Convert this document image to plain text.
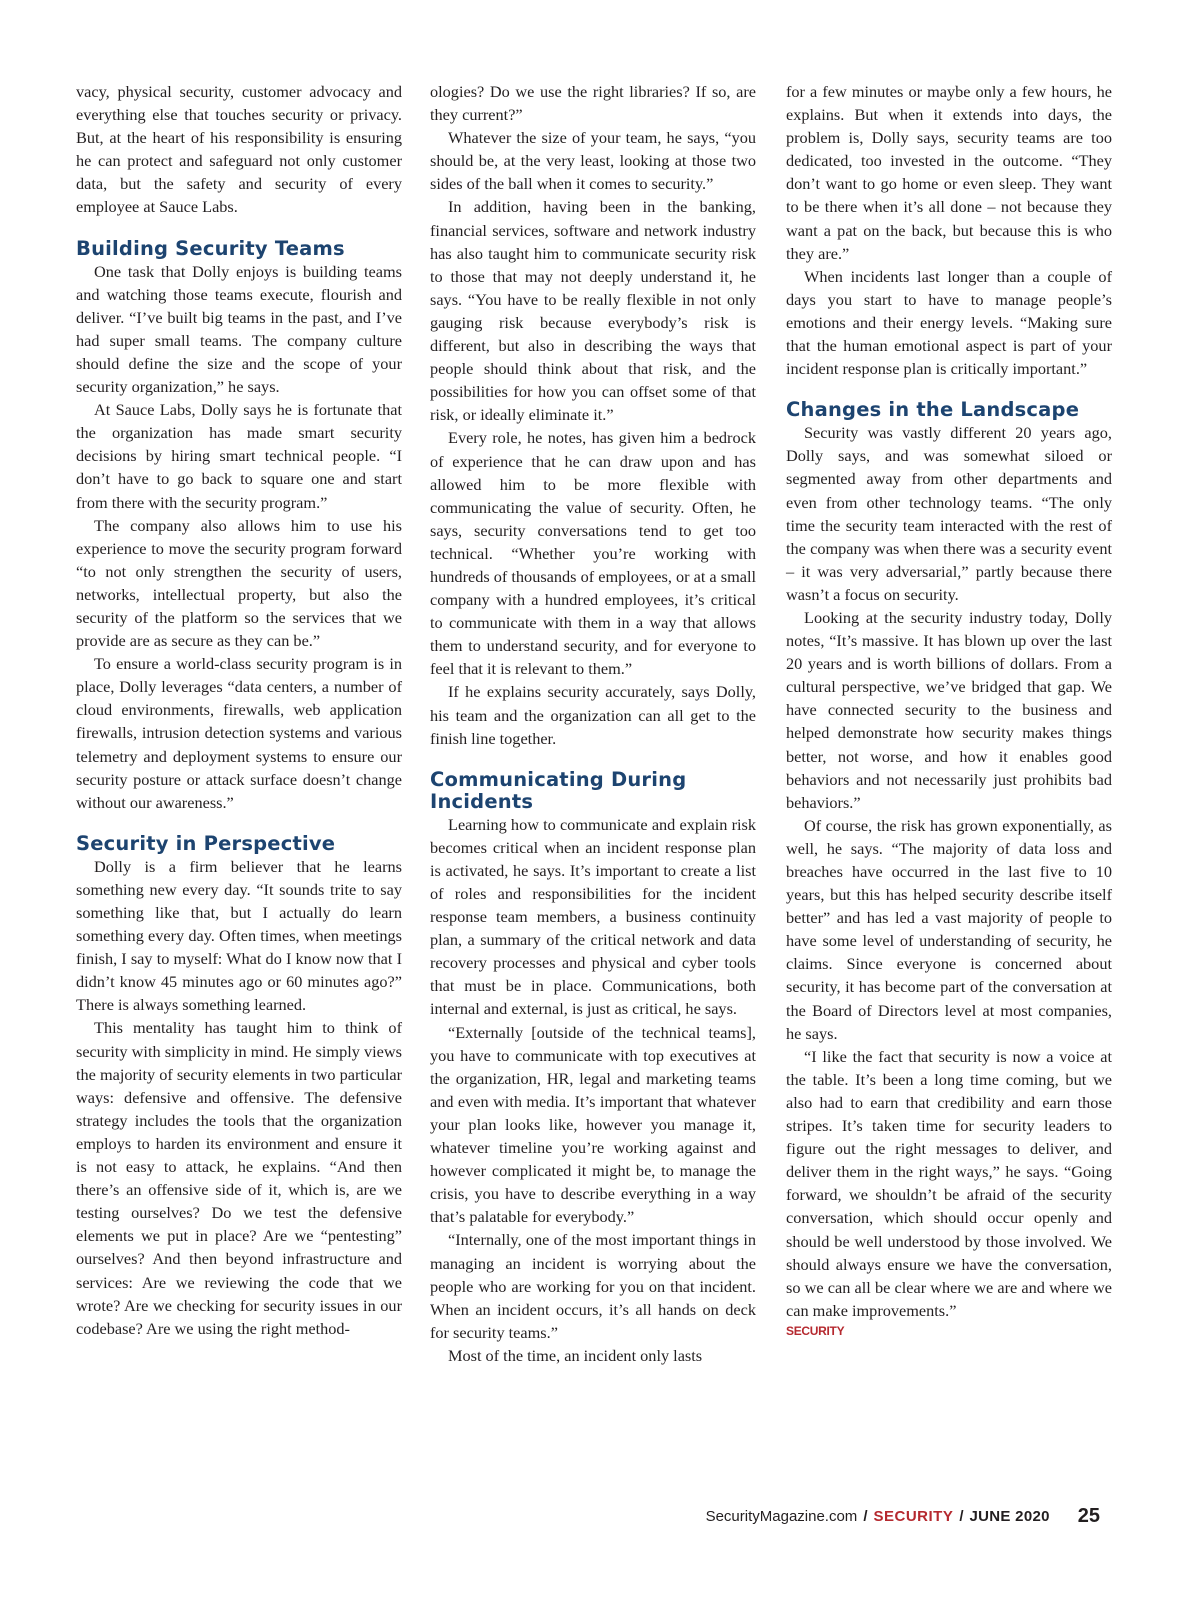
vacy, physical security, customer advocacy and everything else that touches security or privacy. But, at the heart of his responsibility is ensuring he can protect and safeguard not only customer data, but the safety and security of every employee at Sauce Labs.

Building Security Teams

One task that Dolly enjoys is building teams and watching those teams execute, flourish and deliver. “I’ve built big teams in the past, and I’ve had super small teams. The company culture should define the size and the scope of your security organization,” he says.

At Sauce Labs, Dolly says he is fortunate that the organization has made smart security decisions by hiring smart technical people. “I don’t have to go back to square one and start from there with the security program.”

The company also allows him to use his experience to move the security program forward “to not only strengthen the security of users, networks, intellectual property, but also the security of the platform so the services that we provide are as secure as they can be.”

To ensure a world-class security program is in place, Dolly leverages “data centers, a number of cloud environments, firewalls, web application firewalls, intrusion detection systems and various telemetry and deployment systems to ensure our security posture or attack surface doesn’t change without our awareness.”

Security in Perspective

Dolly is a firm believer that he learns something new every day. “It sounds trite to say something like that, but I actually do learn something every day. Often times, when meetings finish, I say to myself: What do I know now that I didn’t know 45 minutes ago or 60 minutes ago?” There is always something learned.

This mentality has taught him to think of security with simplicity in mind. He simply views the majority of security elements in two particular ways: defensive and offensive. The defensive strategy includes the tools that the organization employs to harden its environment and ensure it is not easy to attack, he explains. “And then there’s an offensive side of it, which is, are we testing ourselves? Do we test the defensive elements we put in place? Are we “pentesting” ourselves? And then beyond infrastructure and services: Are we reviewing the code that we wrote? Are we checking for security issues in our codebase? Are we using the right method-

ologies? Do we use the right libraries? If so, are they current?”

Whatever the size of your team, he says, “you should be, at the very least, looking at those two sides of the ball when it comes to security.”

In addition, having been in the banking, financial services, software and network industry has also taught him to communicate security risk to those that may not deeply understand it, he says. “You have to be really flexible in not only gauging risk because everybody’s risk is different, but also in describing the ways that people should think about that risk, and the possibilities for how you can offset some of that risk, or ideally eliminate it.”

Every role, he notes, has given him a bedrock of experience that he can draw upon and has allowed him to be more flexible with communicating the value of security. Often, he says, security conversations tend to get too technical. “Whether you’re working with hundreds of thousands of employees, or at a small company with a hundred employees, it’s critical to communicate with them in a way that allows them to understand security, and for everyone to feel that it is relevant to them.”

If he explains security accurately, says Dolly, his team and the organization can all get to the finish line together.

Communicating During Incidents

Learning how to communicate and explain risk becomes critical when an incident response plan is activated, he says. It’s important to create a list of roles and responsibilities for the incident response team members, a business continuity plan, a summary of the critical network and data recovery processes and physical and cyber tools that must be in place. Communications, both internal and external, is just as critical, he says.

“Externally [outside of the technical teams], you have to communicate with top executives at the organization, HR, legal and marketing teams and even with media. It’s important that whatever your plan looks like, however you manage it, whatever timeline you’re working against and however complicated it might be, to manage the crisis, you have to describe everything in a way that’s palatable for everybody.”

“Internally, one of the most important things in managing an incident is worrying about the people who are working for you on that incident. When an incident occurs, it’s all hands on deck for security teams.”

Most of the time, an incident only lasts

for a few minutes or maybe only a few hours, he explains. But when it extends into days, the problem is, Dolly says, security teams are too dedicated, too invested in the outcome. “They don’t want to go home or even sleep. They want to be there when it’s all done – not because they want a pat on the back, but because this is who they are.”

When incidents last longer than a couple of days you start to have to manage people’s emotions and their energy levels. “Making sure that the human emotional aspect is part of your incident response plan is critically important.”

Changes in the Landscape

Security was vastly different 20 years ago, Dolly says, and was somewhat siloed or segmented away from other departments and even from other technology teams. “The only time the security team interacted with the rest of the company was when there was a security event – it was very adversarial,” partly because there wasn’t a focus on security.

Looking at the security industry today, Dolly notes, “It’s massive. It has blown up over the last 20 years and is worth billions of dollars. From a cultural perspective, we’ve bridged that gap. We have connected security to the business and helped demonstrate how security makes things better, not worse, and how it enables good behaviors and not necessarily just prohibits bad behaviors.”

Of course, the risk has grown exponentially, as well, he says. “The majority of data loss and breaches have occurred in the last five to 10 years, but this has helped security describe itself better” and has led a vast majority of people to have some level of understanding of security, he claims. Since everyone is concerned about security, it has become part of the conversation at the Board of Directors level at most companies, he says.

“I like the fact that security is now a voice at the table. It’s been a long time coming, but we also had to earn that credibility and earn those stripes. It’s taken time for security leaders to figure out the right messages to deliver, and deliver them in the right ways,” he says. “Going forward, we shouldn’t be afraid of the security conversation, which should occur openly and should be well understood by those involved. We should always ensure we have the conversation, so we can all be clear where we are and where we can make improvements.”

SECURITY
SecurityMagazine.com / SECURITY / JUNE 2020 25
